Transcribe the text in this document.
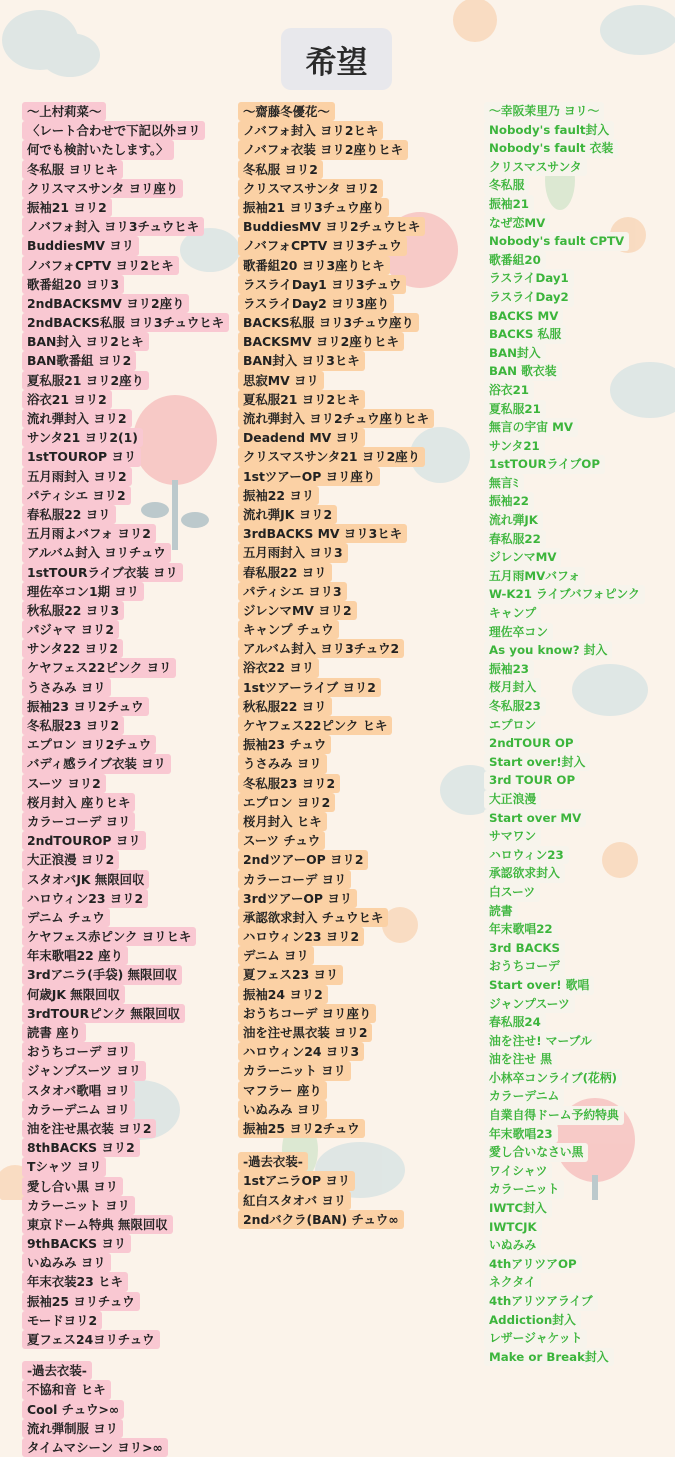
希望
～上村莉菜～
〈レート合わせで下記以外ヨリ
何でも検討いたします。〉
冬私服 ヨリヒキ
クリスマスサンタ ヨリ座り
振袖21 ヨリ2
ノバフォ封入 ヨリ3チュウヒキ
BuddiesMV ヨリ
ノバフォCPTV ヨリ2ヒキ
歌番組20 ヨリ3
2ndBACKSMV ヨリ2座り
2ndBACKS私服 ヨリ3チュウヒキ
BAN封入 ヨリ2ヒキ
BAN歌番組 ヨリ2
夏私服21 ヨリ2座り
浴衣21 ヨリ2
流れ弾封入 ヨリ2
サンタ21 ヨリ2(1)
1stTOUROP ヨリ
五月雨封入 ヨリ2
パティシエ ヨリ2
春私服22 ヨリ
五月雨よバフォ ヨリ2
アルバム封入 ヨリチュウ
1stTOURライブ衣装 ヨリ
理佐卒コン1期 ヨリ
秋私服22 ヨリ3
パジャマ ヨリ2
サンタ22 ヨリ2
ケヤフェス22ピンク ヨリ
うさみみ ヨリ
振袖23 ヨリ2チュウ
冬私服23 ヨリ2
エプロン ヨリ2チュウ
バディ感ライブ衣装 ヨリ
スーツ ヨリ2
桜月封入 座りヒキ
カラーコーデ ヨリ
2ndTOUROP ヨリ
大正浪漫 ヨリ2
スタオバJK 無限回収
ハロウィン23 ヨリ2
デニム チュウ
ケヤフェス赤ピンク ヨリヒキ
年末歌唱22 座り
3rdアニラ(手袋) 無限回収
何歳JK 無限回収
3rdTOURピンク 無限回収
読書 座り
おうちコーデ ヨリ
ジャンプスーツ ヨリ
スタオバ歌唱 ヨリ
カラーデニム ヨリ
油を注せ黒衣装 ヨリ2
8thBACKS ヨリ2
Tシャツ ヨリ
愛し合い黒 ヨリ
カラーニット ヨリ
東京ドーム特典 無限回収
9thBACKS ヨリ
いぬみみ ヨリ
年末衣装23 ヒキ
振袖25 ヨリチュウ
モードヨリ2
夏フェス24ヨリチュウ
-過去衣装-
不協和音 ヒキ
Cool チュウ>∞
流れ弾制服 ヨリ
タイムマシーン ヨリ>∞
～齋藤冬優花～
ノバフォ封入 ヨリ2ヒキ
ノバフォ衣装 ヨリ2座りヒキ
冬私服 ヨリ2
クリスマスサンタ ヨリ2
振袖21 ヨリ3チュウ座り
BuddiesMV ヨリ2チュウヒキ
ノバフォCPTV ヨリ3チュウ
歌番組20 ヨリ3座りヒキ
ラスライDay1 ヨリ3チュウ
ラスライDay2 ヨリ3座り
BACKS私服 ヨリ3チュウ座り
BACKSMV ヨリ2座りヒキ
BAN封入 ヨリ3ヒキ
思寂MV ヨリ
夏私服21 ヨリ2ヒキ
流れ弾封入 ヨリ2チュウ座りヒキ
Deadend MV ヨリ
クリスマスサンタ21 ヨリ2座り
1stツアーOP ヨリ座り
振袖22 ヨリ
流れ弾JK ヨリ2
3rdBACKS MV ヨリ3ヒキ
五月雨封入 ヨリ3
春私服22 ヨリ
パティシエ ヨリ3
ジレンマMV ヨリ2
キャンプ チュウ
アルバム封入 ヨリ3チュウ2
浴衣22 ヨリ
1stツアーライブ ヨリ2
秋私服22 ヨリ
ケヤフェス22ピンク ヒキ
振袖23 チュウ
うさみみ ヨリ
冬私服23 ヨリ2
エプロン ヨリ2
桜月封入 ヒキ
スーツ チュウ
2ndツアーOP ヨリ2
カラーコーデ ヨリ
3rdツアーOP ヨリ
承認欲求封入 チュウヒキ
ハロウィン23 ヨリ2
デニム ヨリ
夏フェス23 ヨリ
振袖24 ヨリ2
おうちコーデ ヨリ座り
油を注せ黒衣装 ヨリ2
ハロウィン24 ヨリ3
カラーニット ヨリ
マフラー 座り
いぬみみ ヨリ
振袖25 ヨリ2チュウ
-過去衣装-
1stアニラOP ヨリ
紅白スタオバ ヨリ
2ndバクラ(BAN) チュウ∞
～幸阪茉里乃 ヨリ～
Nobody's fault封入
Nobody's fault 衣装
クリスマスサンタ
冬私服
振袖21
なぜ恋MV
Nobody's fault CPTV
歌番組20
ラスライDay1
ラスライDay2
BACKS MV
BACKS 私服
BAN封入
BAN 歌衣装
浴衣21
夏私服21
無言の宇宙 MV
サンタ21
1stTOURライブOP
無言ﾐ
振袖22
流れ弾JK
春私服22
ジレンマMV
五月雨MVバフォ
W-K21 ライブバフォピンク
キャンプ
理佐卒コン
As you know? 封入
振袖23
桜月封入
冬私服23
エプロン
2ndTOUR OP
Start over!封入
3rd TOUR OP
大正浪漫
Start over MV
サマワン
ハロウィン23
承認欲求封入
白スーツ
読書
年末歌唱22
3rd BACKS
おうちコーデ
Start over! 歌唱
ジャンプスーツ
春私服24
油を注せ! マーブル
油を注せ 黒
小林卒コンライブ(花柄)
カラーデニム
自業自得ドーム予約特典
年末歌唱23
愛し合いなさい黒
ワイシャツ
カラーニット
IWTC封入
IWTCJK
いぬみみ
4thアリツアOP
ネクタイ
4thアリツアライブ
Addiction封入
レザージャケット
Make or Break封入
